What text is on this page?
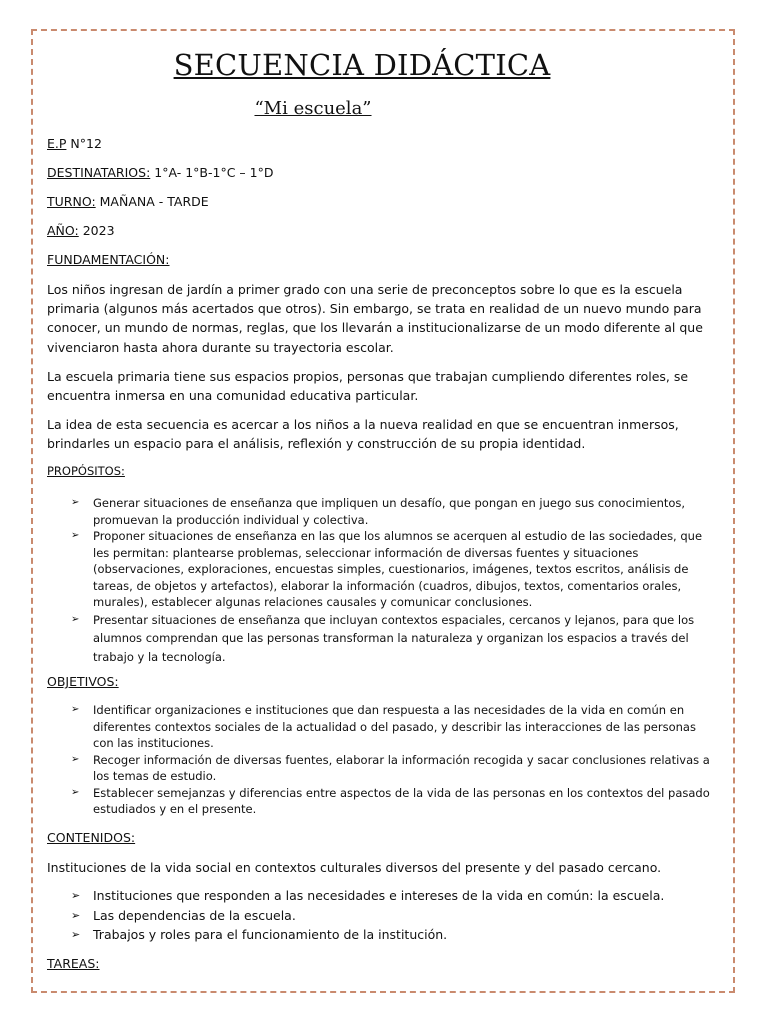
SECUENCIA DIDÁCTICA
“Mi escuela”
E.P N°12
DESTINATARIOS: 1°A- 1°B-1°C – 1°D
TURNO: MAÑANA - TARDE
AÑO: 2023
FUNDAMENTACIÓN:
Los niños ingresan de jardín a primer grado con una serie de preconceptos sobre lo que es la escuela primaria (algunos más acertados que otros). Sin embargo, se trata en realidad de un nuevo mundo para conocer, un mundo de normas, reglas, que los llevarán a institucionalizarse de un modo diferente al que vivenciaron hasta ahora durante su trayectoria escolar.
La escuela primaria tiene sus espacios propios, personas que trabajan cumpliendo diferentes roles, se encuentra inmersa en una comunidad educativa particular.
La idea de esta secuencia es acercar a los niños a la nueva realidad en que se encuentran inmersos, brindarles un espacio para el análisis, reflexión y construcción de su propia identidad.
PROPÓSITOS:
➢ Generar situaciones de enseñanza que impliquen un desafío, que pongan en juego sus conocimientos, promuevan la producción individual y colectiva.
➢ Proponer situaciones de enseñanza en las que los alumnos se acerquen al estudio de las sociedades, que les permitan: plantearse problemas, seleccionar información de diversas fuentes y situaciones (observaciones, exploraciones, encuestas simples, cuestionarios, imágenes, textos escritos, análisis de tareas, de objetos y artefactos), elaborar la información (cuadros, dibujos, textos, comentarios orales, murales), establecer algunas relaciones causales y comunicar conclusiones.
➢ Presentar situaciones de enseñanza que incluyan contextos espaciales, cercanos y lejanos, para que los alumnos comprendan que las personas transforman la naturaleza y organizan los espacios a través del trabajo y la tecnología.
OBJETIVOS:
➢ Identificar organizaciones e instituciones que dan respuesta a las necesidades de la vida en común en diferentes contextos sociales de la actualidad o del pasado, y describir las interacciones de las personas con las instituciones.
➢ Recoger información de diversas fuentes, elaborar la información recogida y sacar conclusiones relativas a los temas de estudio.
➢ Establecer semejanzas y diferencias entre aspectos de la vida de las personas en los contextos del pasado estudiados y en el presente.
CONTENIDOS:
Instituciones de la vida social en contextos culturales diversos del presente y del pasado cercano.
➢ Instituciones que responden a las necesidades e intereses de la vida en común: la escuela.
➢ Las dependencias de la escuela.
➢ Trabajos y roles para el funcionamiento de la institución.
TAREAS:
